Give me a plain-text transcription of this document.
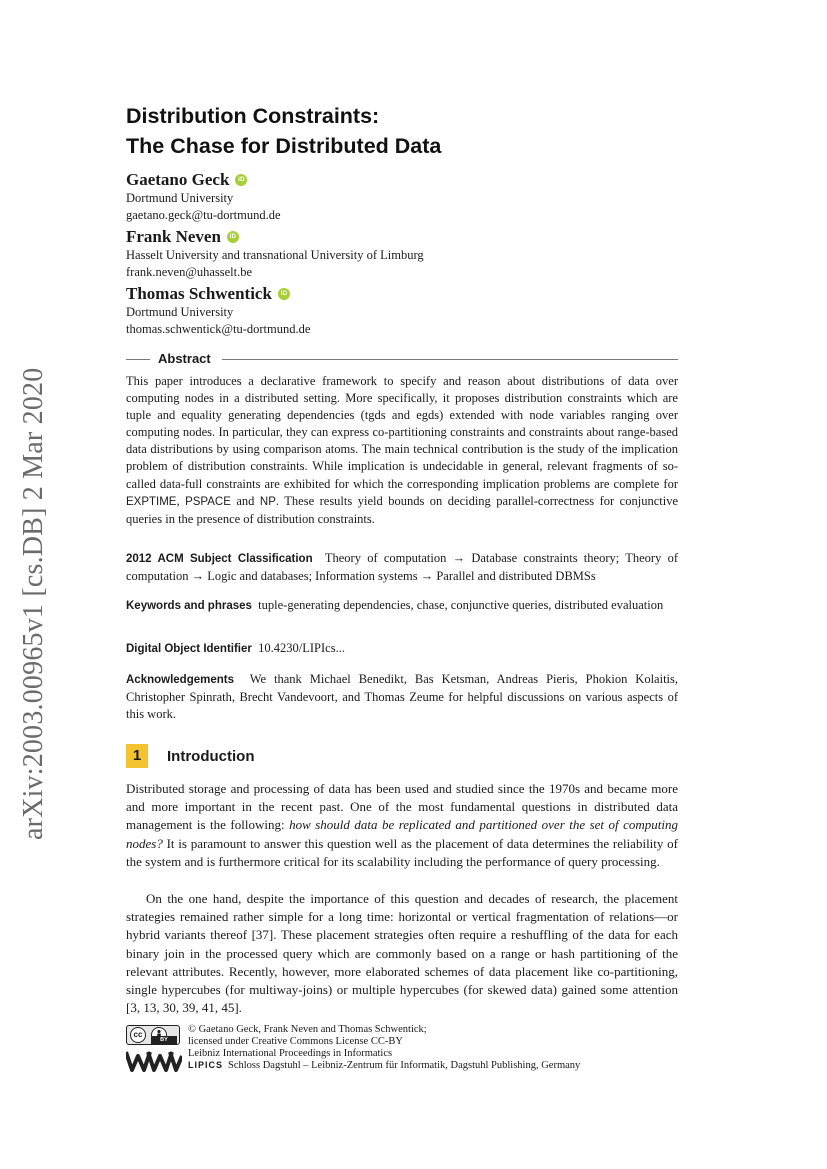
arXiv:2003.00965v1 [cs.DB] 2 Mar 2020
Distribution Constraints:
The Chase for Distributed Data
Gaetano Geck	iD
Dortmund University
gaetano.geck@tu-dortmund.de
Frank Neven	iD
Hasselt University and transnational University of Limburg
frank.neven@uhasselt.be
Thomas Schwentick	iD
Dortmund University
thomas.schwentick@tu-dortmund.de
Abstract
This paper introduces a declarative framework to specify and reason about distributions of data over computing nodes in a distributed setting. More specifically, it proposes distribution constraints which are tuple and equality generating dependencies (tgds and egds) extended with node variables ranging over computing nodes. In particular, they can express co-partitioning constraints and constraints about range-based data distributions by using comparison atoms. The main technical contribution is the study of the implication problem of distribution constraints. While implication is undecidable in general, relevant fragments of so-called data-full constraints are exhibited for which the corresponding implication problems are complete for EXPTIME, PSPACE and NP. These results yield bounds on deciding parallel-correctness for conjunctive queries in the presence of distribution constraints.
2012 ACM Subject Classification Theory of computation → Database constraints theory; Theory of computation → Logic and databases; Information systems → Parallel and distributed DBMSs
Keywords and phrases tuple-generating dependencies, chase, conjunctive queries, distributed evaluation
Digital Object Identifier 10.4230/LIPIcs...
Acknowledgements We thank Michael Benedikt, Bas Ketsman, Andreas Pieris, Phokion Kolaitis, Christopher Spinrath, Brecht Vandevoort, and Thomas Zeume for helpful discussions on various aspects of this work.
1	Introduction
Distributed storage and processing of data has been used and studied since the 1970s and became more and more important in the recent past. One of the most fundamental questions in distributed data management is the following: how should data be replicated and partitioned over the set of computing nodes? It is paramount to answer this question well as the placement of data determines the reliability of the system and is furthermore critical for its scalability including the performance of query processing.
On the one hand, despite the importance of this question and decades of research, the placement strategies remained rather simple for a long time: horizontal or vertical fragmentation of relations—or hybrid variants thereof [37]. These placement strategies often require a reshuffling of the data for each binary join in the processed query which are commonly based on a range or hash partitioning of the relevant attributes. Recently, however, more elaborated schemes of data placement like co-partitioning, single hypercubes (for multiway-joins) or multiple hypercubes (for skewed data) gained some attention [3, 13, 30, 39, 41, 45].
cc
BY
© Gaetano Geck, Frank Neven and Thomas Schwentick;
licensed under Creative Commons License CC-BY
Leibniz International Proceedings in Informatics
LIPICS Schloss Dagstuhl – Leibniz-Zentrum für Informatik, Dagstuhl Publishing, Germany
